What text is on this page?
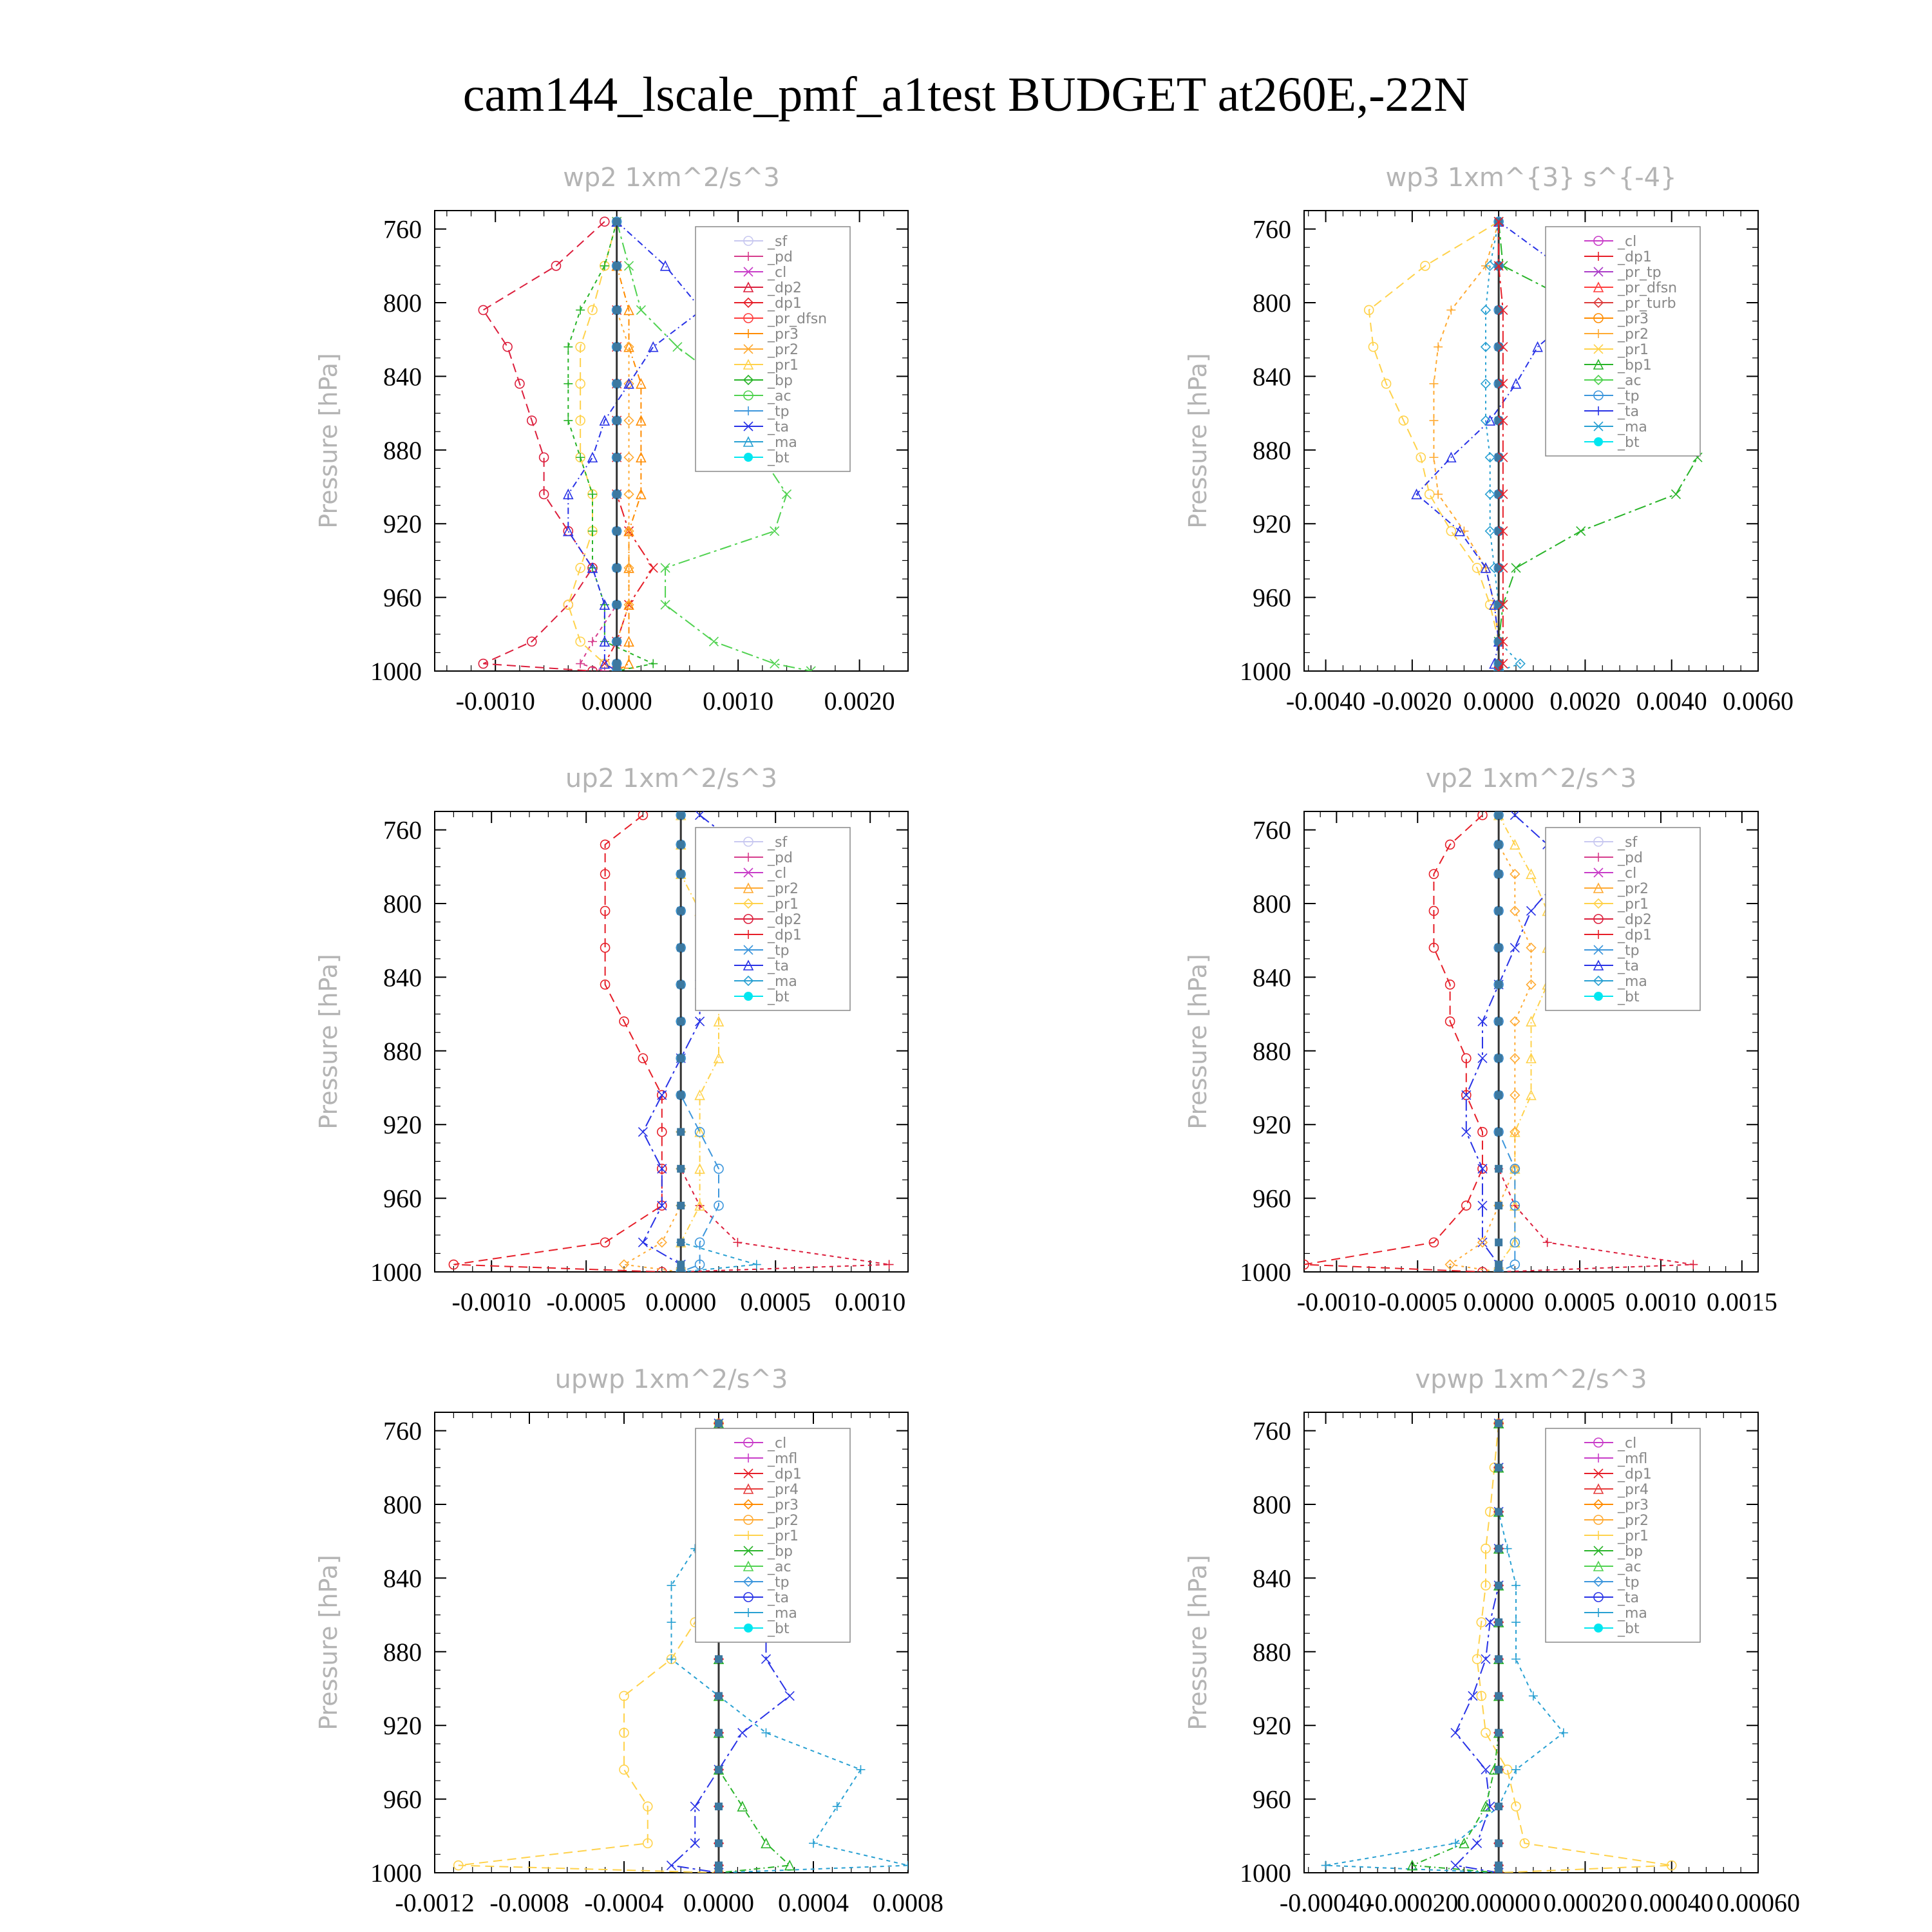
cam144_lscale_pmf_a1test BUDGET at260E,-22N
760
800
840
880
920
960
1000
-0.0010 0.0000 0.0010 0.0020
wp2 1xm^2/s^3
Pressure [hPa]
_sf
_pd
_cl
_dp2
_dp1
_pr_dfsn
_pr3
_pr2
_pr1
_bp
_ac
_tp
_ta
_ma
_bt
760
800
840
880
920
960
1000
-0.0040 -0.0020 0.0000 0.0020 0.0040 0.0060
wp3 1xm^{3} s^{-4}
Pressure [hPa]
_cl
_dp1
_pr_tp
_pr_dfsn
_pr_turb
_pr3
_pr2
_pr1
_bp1
_ac
_tp
_ta
_ma
_bt
760
800
840
880
920
960
1000
-0.0010 -0.0005 0.0000 0.0005 0.0010
up2 1xm^2/s^3
Pressure [hPa]
_sf
_pd
_cl
_pr2
_pr1
_dp2
_dp1
_tp
_ta
_ma
_bt
760
800
840
880
920
960
1000
-0.0010 -0.0005 0.0000 0.0005 0.0010 0.0015
vp2 1xm^2/s^3
Pressure [hPa]
_sf
_pd
_cl
_pr2
_pr1
_dp2
_dp1
_tp
_ta
_ma
_bt
760
800
840
880
920
960
1000
-0.0012 -0.0008 -0.0004 0.0000 0.0004 0.0008
upwp 1xm^2/s^3
Pressure [hPa]
_cl
_mfl
_dp1
_pr4
_pr3
_pr2
_pr1
_bp
_ac
_tp
_ta
_ma
_bt
760
800
840
880
920
960
1000
-0.00040
-0.00020
0.00000 0.00020 0.00040 0.00060
vpwp 1xm^2/s^3
Pressure [hPa]
_cl
_mfl
_dp1
_pr4
_pr3
_pr2
_pr1
_bp
_ac
_tp
_ta
_ma
_bt
